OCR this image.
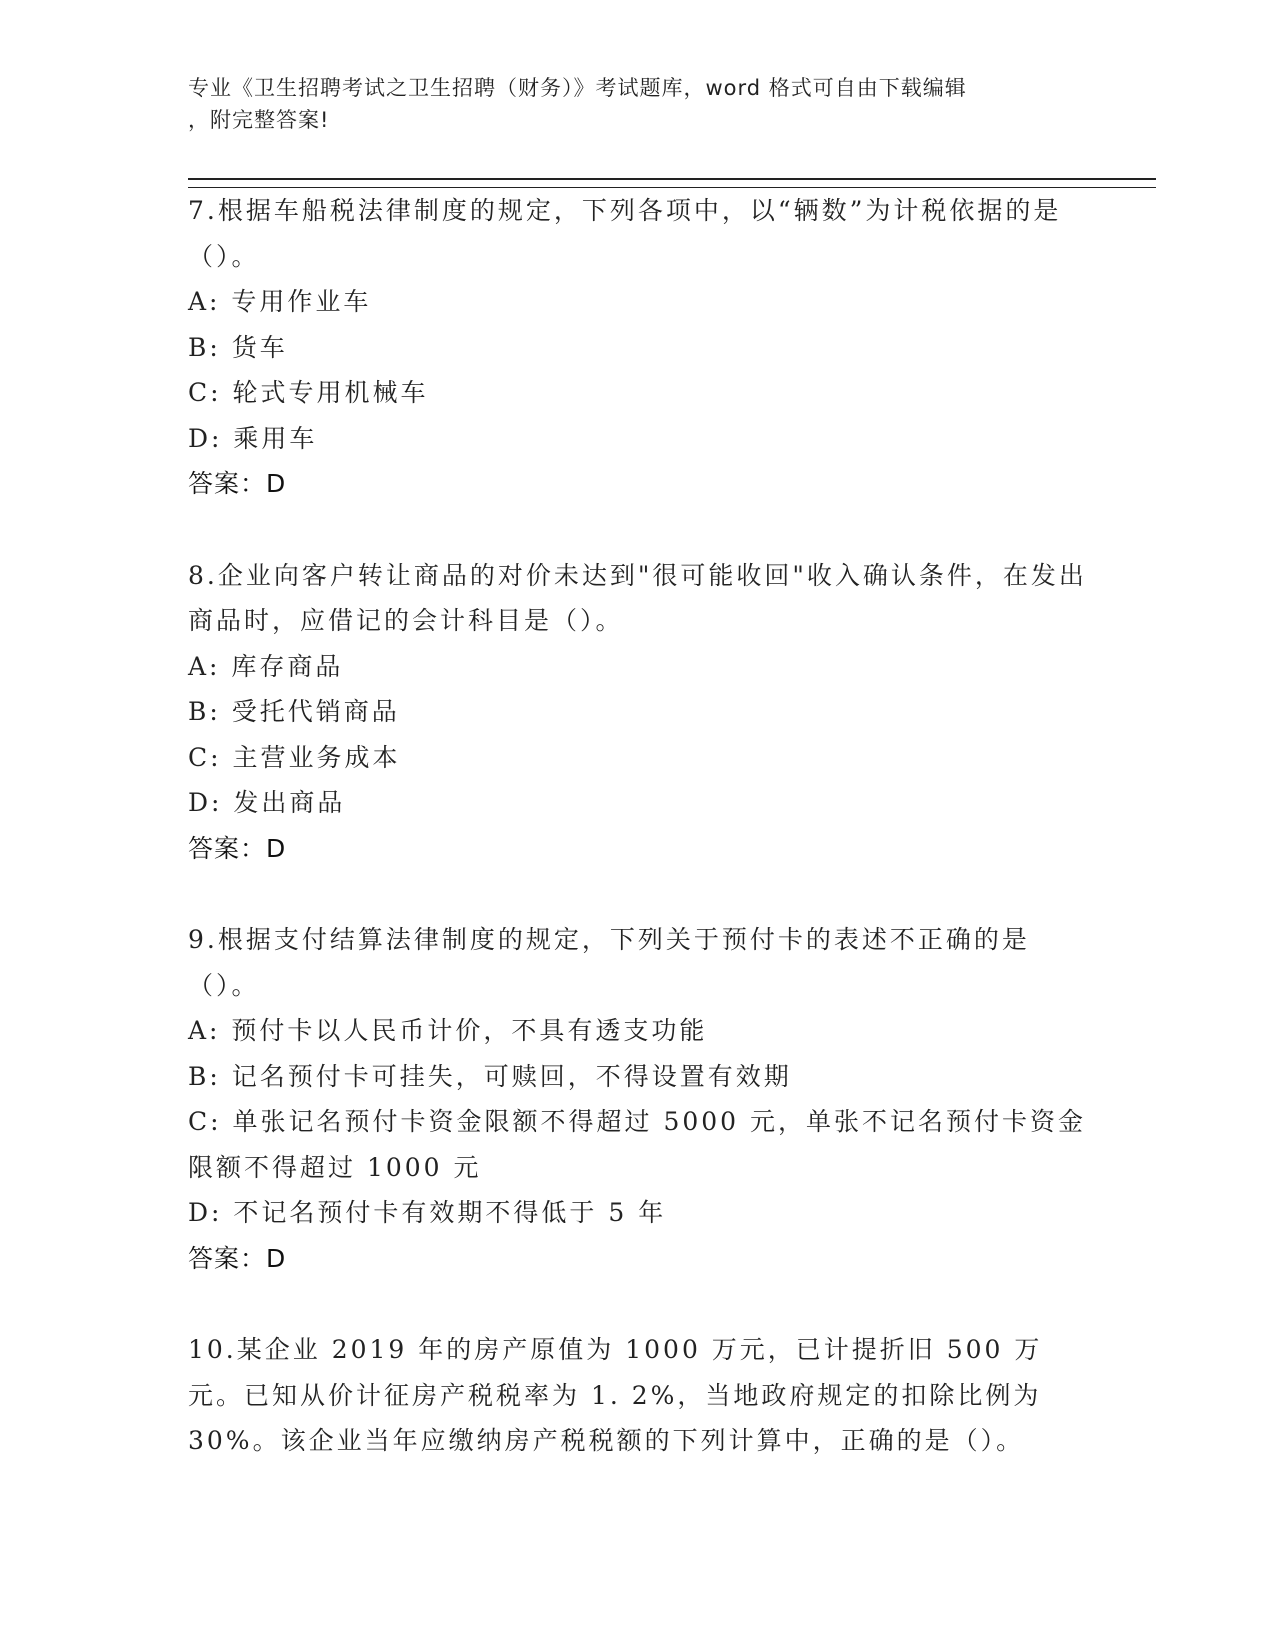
专业《卫生招聘考试之卫生招聘（财务）》考试题库，word 格式可自由下载编辑
，附完整答案!

7.根据车船税法律制度的规定，下列各项中，以“辆数”为计税依据的是（）。

A: 专用作业车

B: 货车

C: 轮式专用机械车

D: 乘用车

答案：D

8.企业向客户转让商品的对价未达到"很可能收回"收入确认条件，在发出商品时，应借记的会计科目是（）。

A: 库存商品

B: 受托代销商品

C: 主营业务成本

D: 发出商品

答案：D

9.根据支付结算法律制度的规定，下列关于预付卡的表述不正确的是（）。

A: 预付卡以人民币计价，不具有透支功能

B: 记名预付卡可挂失，可赎回，不得设置有效期

C: 单张记名预付卡资金限额不得超过 5000 元，单张不记名预付卡资金限额不得超过 1000 元

D: 不记名预付卡有效期不得低于 5 年

答案：D

10.某企业 2019 年的房产原值为 1000 万元，已计提折旧 500 万元。已知从价计征房产税税率为 1. 2%，当地政府规定的扣除比例为 30%。该企业当年应缴纳房产税税额的下列计算中，正确的是（）。
